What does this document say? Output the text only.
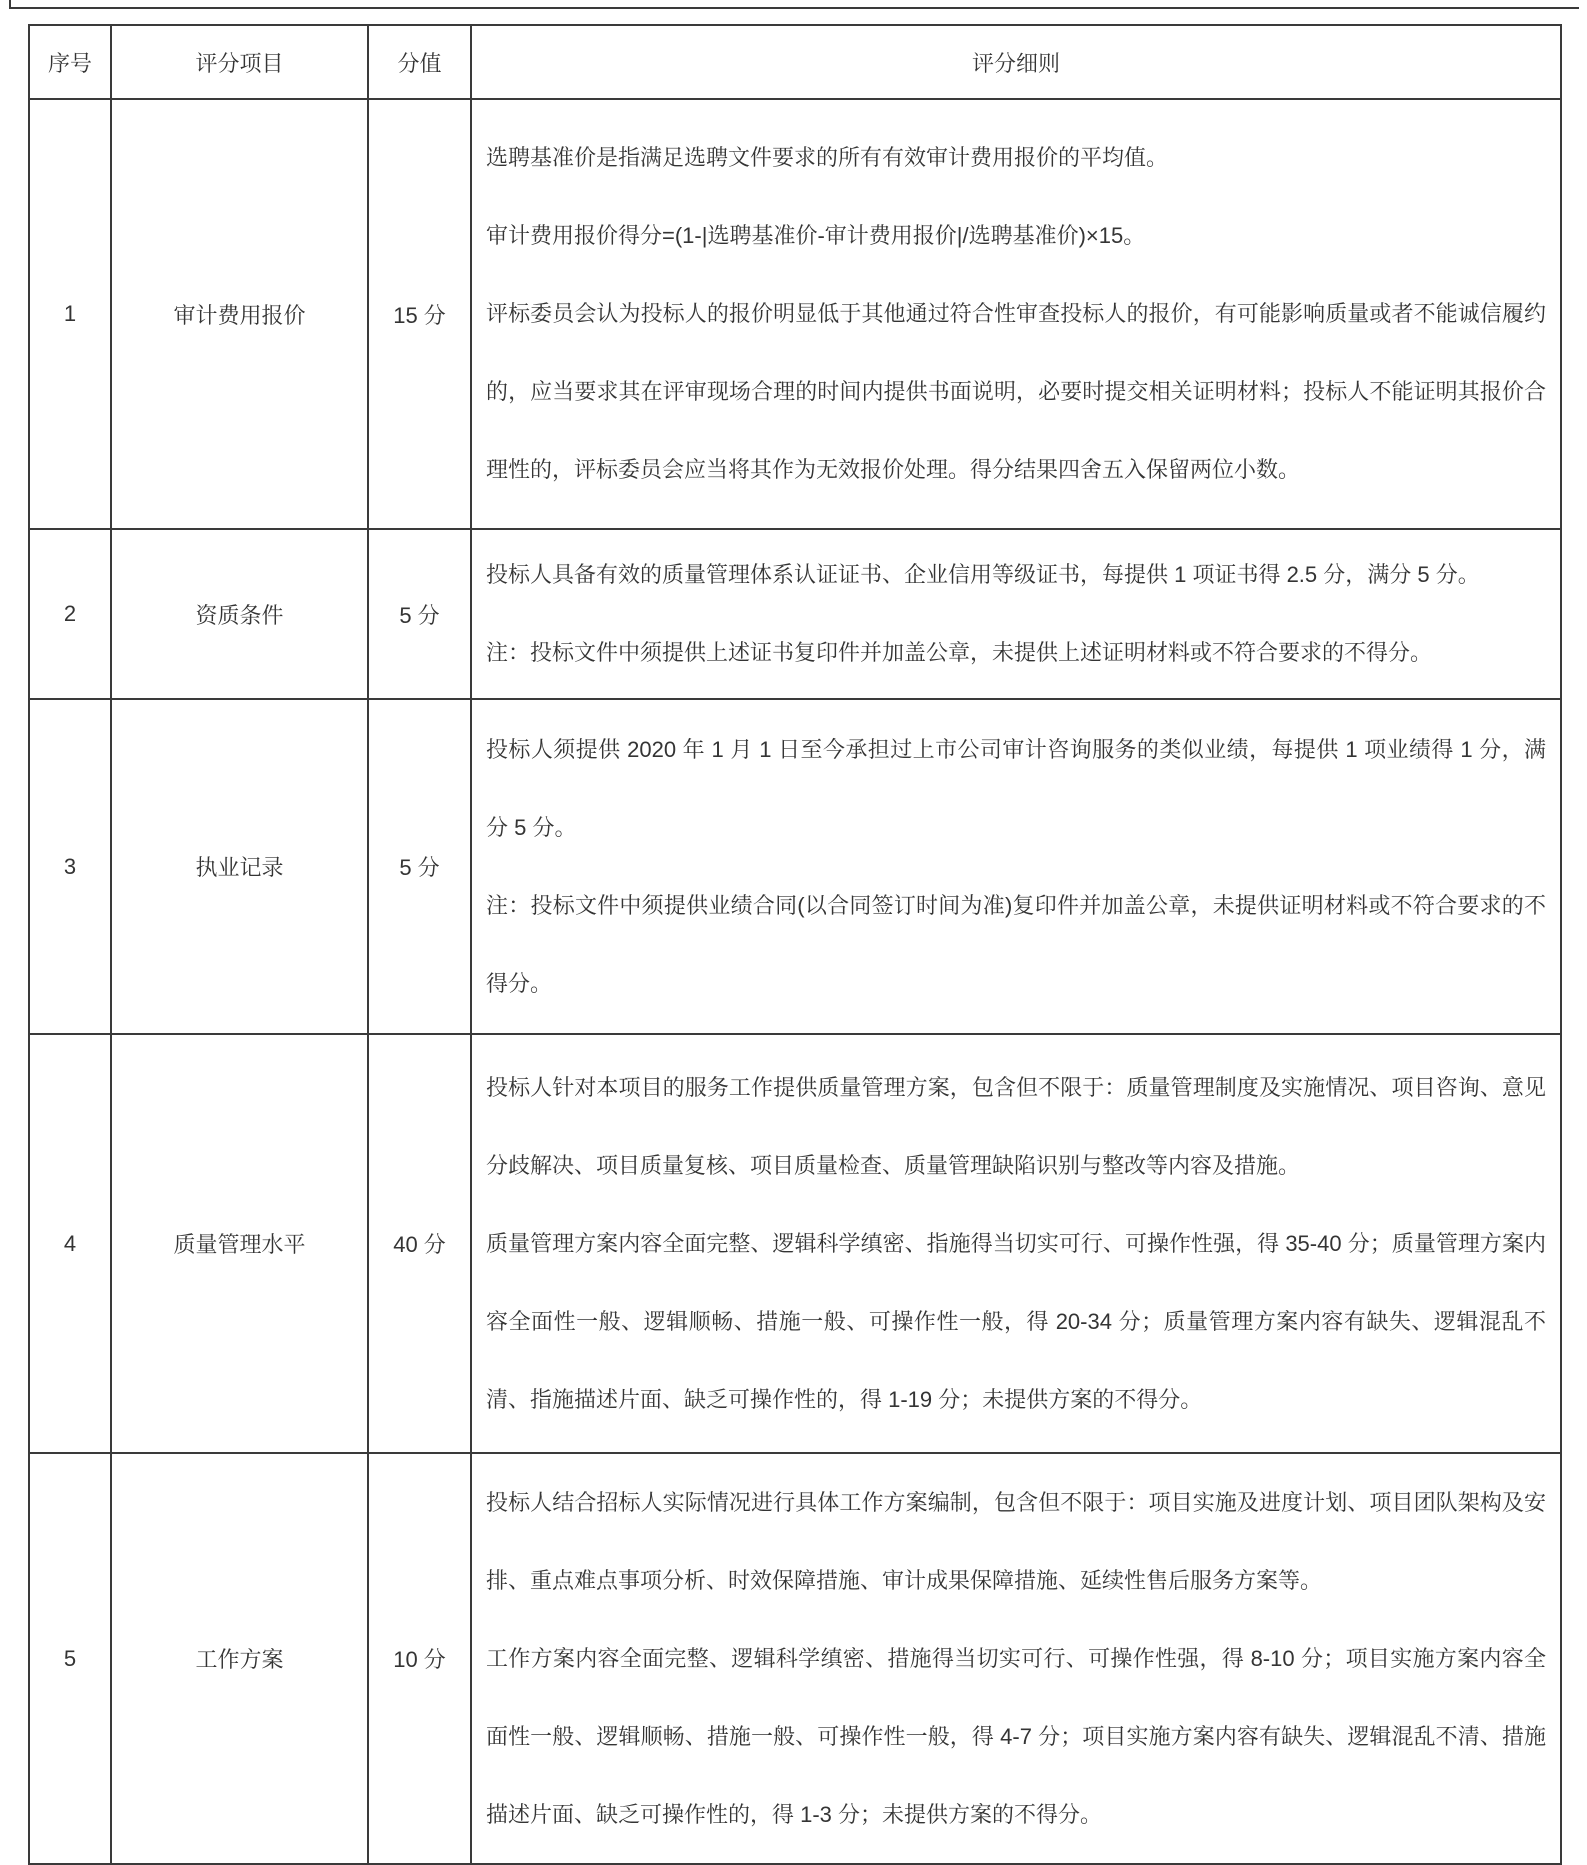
序号	评分项目	分值	评分细则
1	审计费用报价	15 分	选聘基准价是指满足选聘文件要求的所有有效审计费用报价的平均值。

审计费用报价得分=(1-|选聘基准价-审计费用报价|/选聘基准价)×15。

评标委员会认为投标人的报价明显低于其他通过符合性审查投标人的报价，有可能影响质量或者不能诚信履约的，应当要求其在评审现场合理的时间内提供书面说明，必要时提交相关证明材料；投标人不能证明其报价合理性的，评标委员会应当将其作为无效报价处理。得分结果四舍五入保留两位小数。

2	资质条件	5 分	投标人具备有效的质量管理体系认证证书、企业信用等级证书，每提供 1 项证书得 2.5 分，满分 5 分。

注：投标文件中须提供上述证书复印件并加盖公章，未提供上述证明材料或不符合要求的不得分。

3	执业记录	5 分	投标人须提供 2020 年 1 月 1 日至今承担过上市公司审计咨询服务的类似业绩，每提供 1 项业绩得 1 分，满分 5 分。

注：投标文件中须提供业绩合同(以合同签订时间为准)复印件并加盖公章，未提供证明材料或不符合要求的不得分。

4	质量管理水平	40 分	投标人针对本项目的服务工作提供质量管理方案，包含但不限于：质量管理制度及实施情况、项目咨询、意见分歧解决、项目质量复核、项目质量检查、质量管理缺陷识别与整改等内容及措施。

质量管理方案内容全面完整、逻辑科学缜密、指施得当切实可行、可操作性强，得 35-40 分；质量管理方案内容全面性一般、逻辑顺畅、措施一般、可操作性一般，得 20-34 分；质量管理方案内容有缺失、逻辑混乱不清、指施描述片面、缺乏可操作性的，得 1-19 分；未提供方案的不得分。

5	工作方案	10 分	投标人结合招标人实际情况进行具体工作方案编制，包含但不限于：项目实施及进度计划、项目团队架构及安排、重点难点事项分析、时效保障措施、审计成果保障措施、延续性售后服务方案等。

工作方案内容全面完整、逻辑科学缜密、措施得当切实可行、可操作性强，得 8-10 分；项目实施方案内容全面性一般、逻辑顺畅、措施一般、可操作性一般，得 4-7 分；项目实施方案内容有缺失、逻辑混乱不清、措施描述片面、缺乏可操作性的，得 1-3 分；未提供方案的不得分。
